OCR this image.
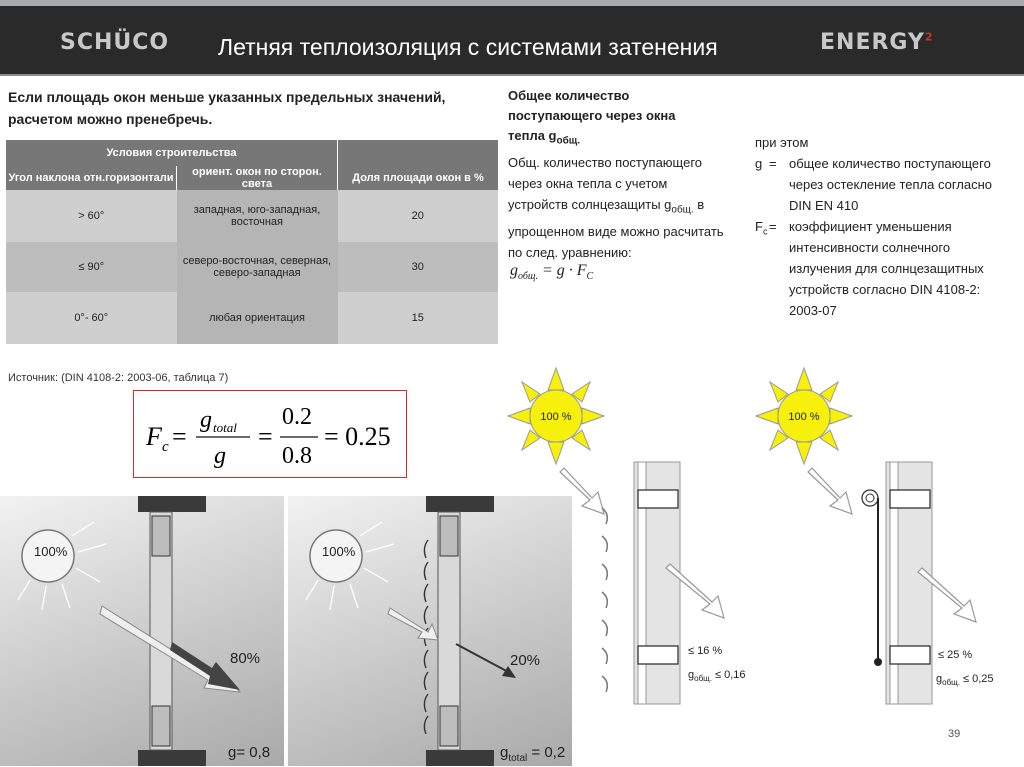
SCHÜCO Летняя теплоизоляция с системами затенения	ENERGY$^2$
Если площадь окон меньше указанных предельных значений, расчетом можно пренебречь.
Условия строительства		
Угол наклона отн.горизонтали	ориент. окон по сторон. света	Доля площади окон в %
> 60°	западная, юго-западная, восточная	20
≤ 90°	северо-восточная, северная, северо-западная	30
0°- 60°	любая ориентация	15
Источник: (DIN 4108-2: 2003-06, таблица 7)
F c =
g total
g
=
0.2
0.8
= 0.25
Общее количество
поступающего через окна
тепла $g_{общ.}$
Общ. количество поступающего через окна тепла с учетом устройств солнцезащиты $g_{общ.}$ в упрощенном виде можно расчитать по след. уравнению:
$g_{общ.} = g \cdot F_C$
при этом
g = общее количество поступающего через остекление тепла согласно DIN EN 410
$F_c$ = коэффициент уменьшения интенсивности солнечного излучения для солнцезащитных устройств согласно DIN 4108-2: 2003-07
100 %
≤ 16 %
$g_{общ.} \le 0,16$
100 %
≤ 25 %
$g_{общ.} \le 0,25$
100%
80%
g= 0,8
100%
20%
$g_{total} = 0,2$
39
